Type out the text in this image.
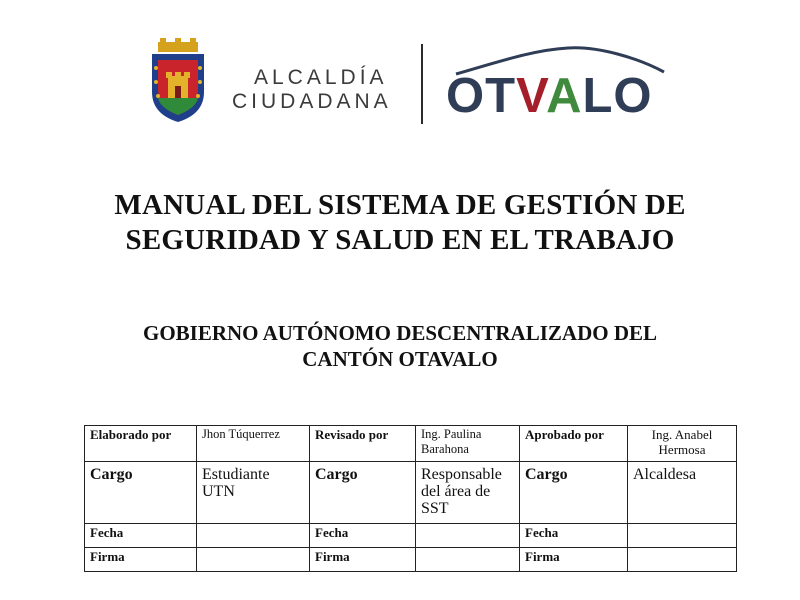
ALCALDÍA
CIUDADANA OTVALO
MANUAL DEL SISTEMA DE GESTIÓN DE
SEGURIDAD Y SALUD EN EL TRABAJO
GOBIERNO AUTÓNOMO DESCENTRALIZADO DEL
CANTÓN OTAVALO
Elaborado por	Jhon Túquerrez	Revisado por	Ing. Paulina Barahona	Aprobado por	Ing. Anabel Hermosa
Cargo	Estudiante UTN	Cargo	Responsable del área de SST	Cargo	Alcaldesa
Fecha		Fecha		Fecha	
Firma		Firma		Firma	
